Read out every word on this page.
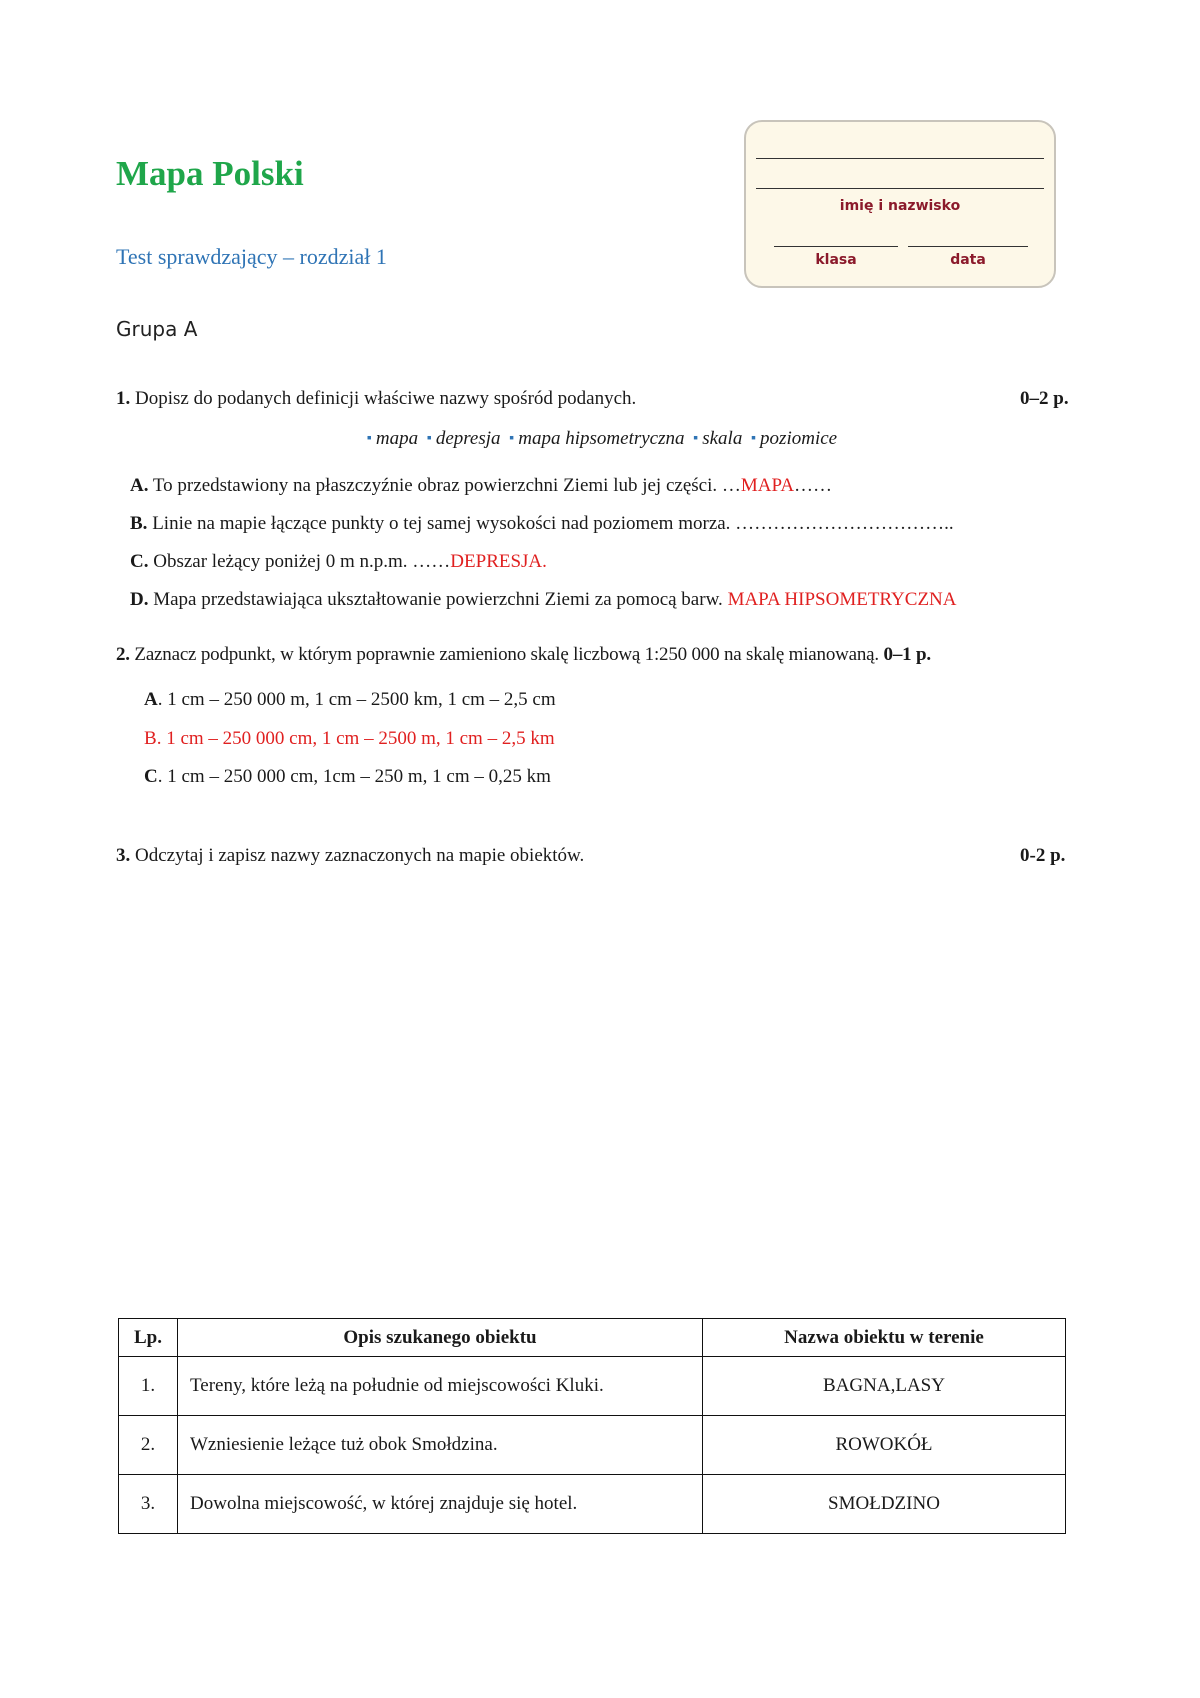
Mapa Polski
Test sprawdzający – rozdział 1
Grupa A
imię i nazwisko
klasa	data
1. Dopisz do podanych definicji właściwe nazwy spośród podanych.	0–2 p.
▪ mapa ▪ depresja ▪ mapa hipsometryczna ▪ skala ▪ poziomice
A. To przedstawiony na płaszczyźnie obraz powierzchni Ziemi lub jej części. …MAPA……
B. Linie na mapie łączące punkty o tej samej wysokości nad poziomem morza. ……………………………..
C. Obszar leżący poniżej 0 m n.p.m. ……DEPRESJA.
D. Mapa przedstawiająca ukształtowanie powierzchni Ziemi za pomocą barw. MAPA HIPSOMETRYCZNA
2. Zaznacz podpunkt, w którym poprawnie zamieniono skalę liczbową 1:250 000 na skalę mianowaną. 0–1 p.
A. 1 cm – 250 000 m, 1 cm – 2500 km, 1 cm – 2,5 cm
B. 1 cm – 250 000 cm, 1 cm – 2500 m, 1 cm – 2,5 km
C. 1 cm – 250 000 cm, 1cm – 250 m, 1 cm – 0,25 km
3. Odczytaj i zapisz nazwy zaznaczonych na mapie obiektów.	0-2 p.
Lp.	Opis szukanego obiektu	Nazwa obiektu w terenie
1.	Tereny, które leżą na południe od miejscowości Kluki.	BAGNA,LASY
2.	Wzniesienie leżące tuż obok Smołdzina.	ROWOKÓŁ
3.	Dowolna miejscowość, w której znajduje się hotel.	SMOŁDZINO
